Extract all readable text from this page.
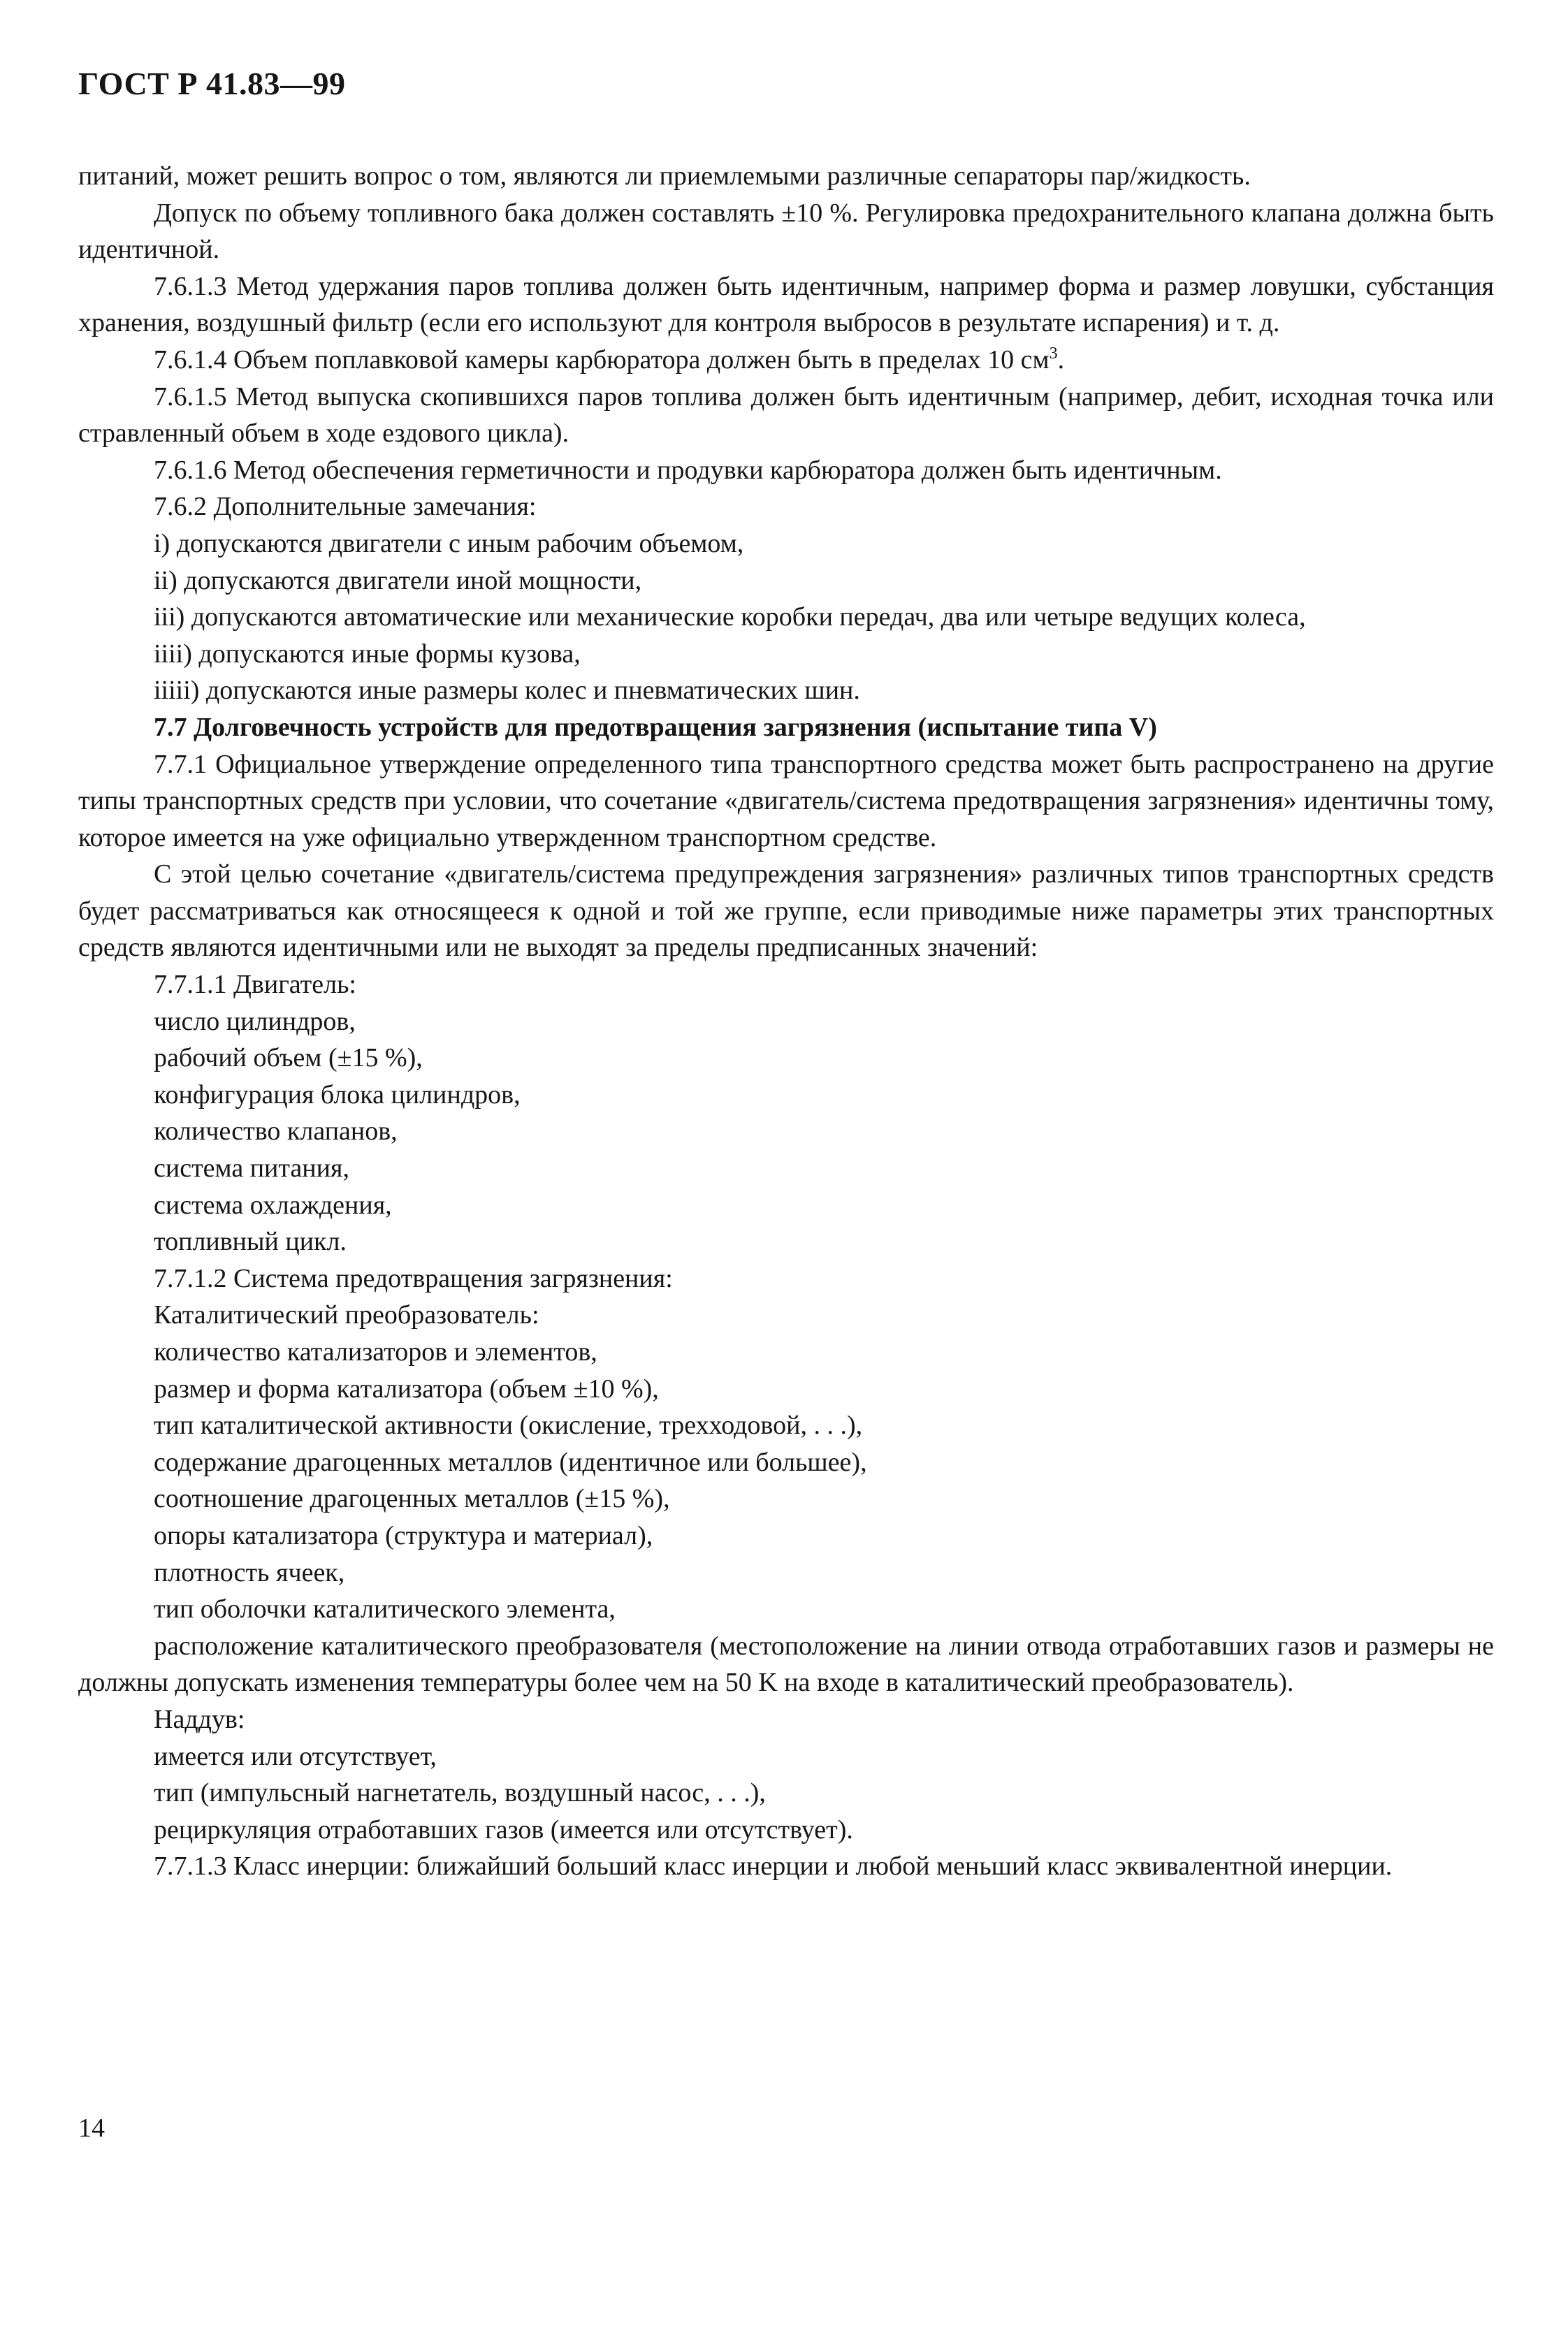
ГОСТ Р 41.83—99

питаний, может решить вопрос о том, являются ли приемлемыми различные сепараторы пар/жидкость.

Допуск по объему топливного бака должен составлять ±10 %. Регулировка предохранительного клапана должна быть идентичной.

7.6.1.3 Метод удержания паров топлива должен быть идентичным, например форма и размер ловушки, субстанция хранения, воздушный фильтр (если его используют для контроля выбросов в результате испарения) и т. д.

7.6.1.4 Объем поплавковой камеры карбюратора должен быть в пределах 10 $см^3$.

7.6.1.5 Метод выпуска скопившихся паров топлива должен быть идентичным (например, дебит, исходная точка или стравленный объем в ходе ездового цикла).

7.6.1.6 Метод обеспечения герметичности и продувки карбюратора должен быть идентичным.

7.6.2 Дополнительные замечания:

i) допускаются двигатели с иным рабочим объемом,

ii) допускаются двигатели иной мощности,

iii) допускаются автоматические или механические коробки передач, два или четыре ведущих колеса,

iiii) допускаются иные формы кузова,

iiiii) допускаются иные размеры колес и пневматических шин.

7.7 Долговечность устройств для предотвращения загрязнения (испытание типа V)

7.7.1 Официальное утверждение определенного типа транспортного средства может быть распространено на другие типы транспортных средств при условии, что сочетание «двигатель/система предотвращения загрязнения» идентичны тому, которое имеется на уже официально утвержденном транспортном средстве.

С этой целью сочетание «двигатель/система предупреждения загрязнения» различных типов транспортных средств будет рассматриваться как относящееся к одной и той же группе, если приводимые ниже параметры этих транспортных средств являются идентичными или не выходят за пределы предписанных значений:

7.7.1.1 Двигатель:

число цилиндров,

рабочий объем (±15 %),

конфигурация блока цилиндров,

количество клапанов,

система питания,

система охлаждения,

топливный цикл.

7.7.1.2 Система предотвращения загрязнения:

Каталитический преобразователь:

количество катализаторов и элементов,

размер и форма катализатора (объем ±10 %),

тип каталитической активности (окисление, трехходовой, . . .),

содержание драгоценных металлов (идентичное или большее),

соотношение драгоценных металлов (±15 %),

опоры катализатора (структура и материал),

плотность ячеек,

тип оболочки каталитического элемента,

расположение каталитического преобразователя (местоположение на линии отвода отработавших газов и размеры не должны допускать изменения температуры более чем на 50 K на входе в каталитический преобразователь).

Наддув:

имеется или отсутствует,

тип (импульсный нагнетатель, воздушный насос, . . .),

рециркуляция отработавших газов (имеется или отсутствует).

7.7.1.3 Класс инерции: ближайший больший класс инерции и любой меньший класс эквивалентной инерции.

14
